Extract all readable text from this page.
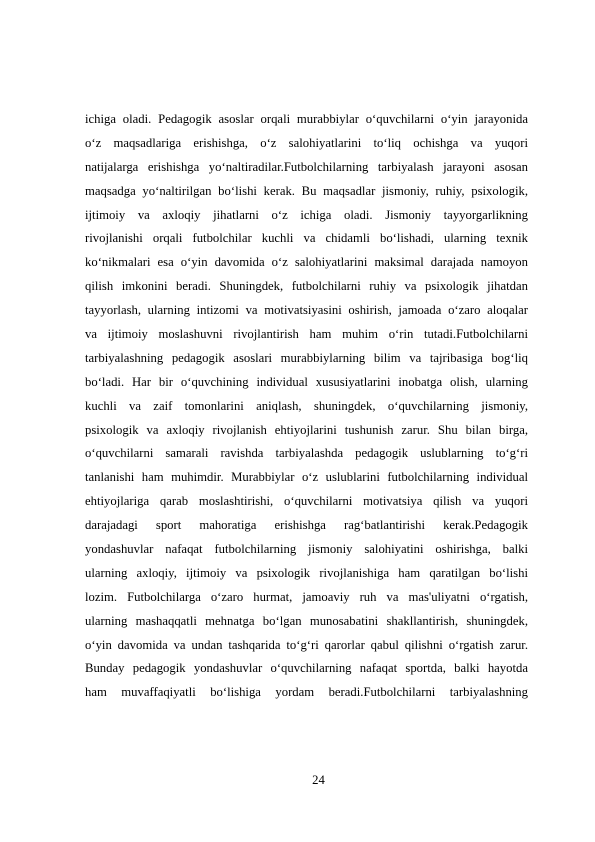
ichiga oladi. Pedagogik asoslar orqali murabbiylar o‘quvchilarni o‘yin jarayonida
o‘z maqsadlariga erishishga, o‘z salohiyatlarini to‘liq ochishga va yuqori
natijalarga erishishga yo‘naltiradilar.Futbolchilarning tarbiyalash jarayoni asosan
maqsadga yo‘naltirilgan bo‘lishi kerak. Bu maqsadlar jismoniy, ruhiy, psixologik,
ijtimoiy va axloqiy jihatlarni o‘z ichiga oladi. Jismoniy tayyorgarlikning
rivojlanishi orqali futbolchilar kuchli va chidamli bo‘lishadi, ularning texnik
ko‘nikmalari esa o‘yin davomida o‘z salohiyatlarini maksimal darajada namoyon
qilish imkonini beradi. Shuningdek, futbolchilarni ruhiy va psixologik jihatdan
tayyorlash, ularning intizomi va motivatsiyasini oshirish, jamoada o‘zaro aloqalar
va ijtimoiy moslashuvni rivojlantirish ham muhim o‘rin tutadi.Futbolchilarni
tarbiyalashning pedagogik asoslari murabbiylarning bilim va tajribasiga bog‘liq
bo‘ladi. Har bir o‘quvchining individual xususiyatlarini inobatga olish, ularning
kuchli va zaif tomonlarini aniqlash, shuningdek, o‘quvchilarning jismoniy,
psixologik va axloqiy rivojlanish ehtiyojlarini tushunish zarur. Shu bilan birga,
o‘quvchilarni samarali ravishda tarbiyalashda pedagogik uslublarning to‘g‘ri
tanlanishi ham muhimdir. Murabbiylar o‘z uslublarini futbolchilarning individual
ehtiyojlariga qarab moslashtirishi, o‘quvchilarni motivatsiya qilish va yuqori
darajadagi sport mahoratiga erishishga rag‘batlantirishi kerak.Pedagogik
yondashuvlar nafaqat futbolchilarning jismoniy salohiyatini oshirishga, balki
ularning axloqiy, ijtimoiy va psixologik rivojlanishiga ham qaratilgan bo‘lishi
lozim. Futbolchilarga o‘zaro hurmat, jamoaviy ruh va mas'uliyatni o‘rgatish,
ularning mashaqqatli mehnatga bo‘lgan munosabatini shakllantirish, shuningdek,
o‘yin davomida va undan tashqarida to‘g‘ri qarorlar qabul qilishni o‘rgatish zarur.
Bunday pedagogik yondashuvlar o‘quvchilarning nafaqat sportda, balki hayotda
ham muvaffaqiyatli bo‘lishiga yordam beradi.Futbolchilarni tarbiyalashning
24
